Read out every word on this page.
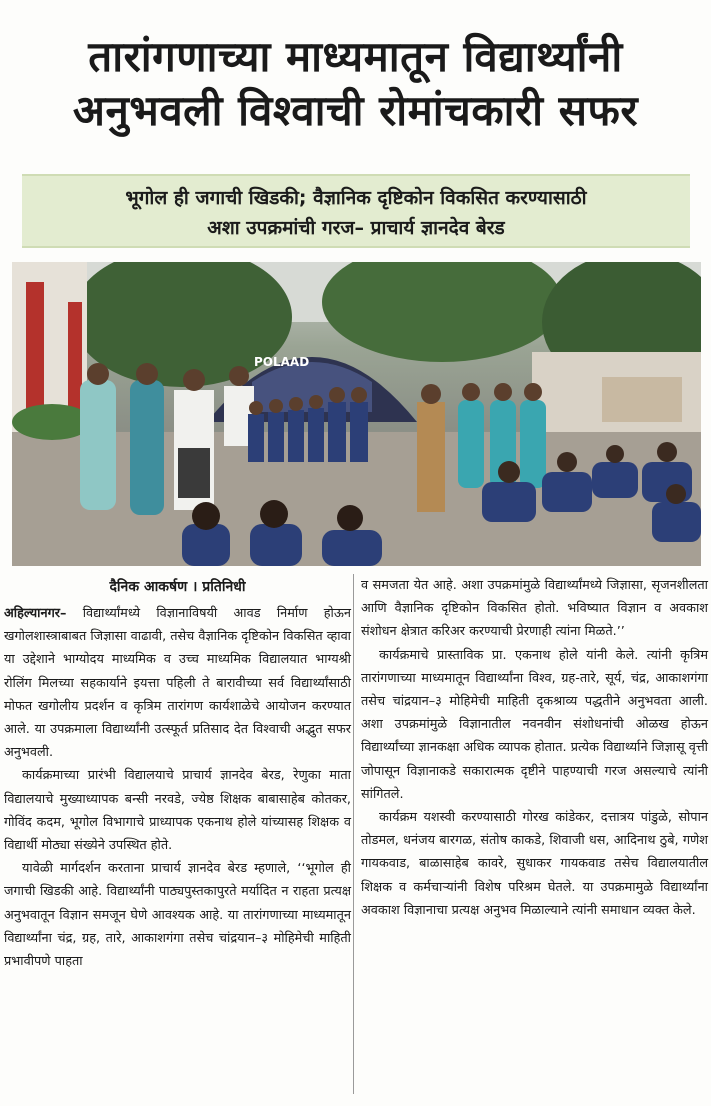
तारांगणाच्या माध्यमातून विद्यार्थ्यांनी
अनुभवली विश्वाची रोमांचकारी सफर
भूगोल ही जगाची खिडकी; वैज्ञानिक दृष्टिकोन विकसित करण्यासाठी
अशा उपक्रमांची गरज– प्राचार्य ज्ञानदेव बेरड
POLAAD
दैनिक आकर्षण । प्रतिनिधी

अहिल्यानगर– विद्यार्थ्यांमध्ये विज्ञानाविषयी आवड निर्माण होऊन खगोलशास्त्राबाबत जिज्ञासा वाढावी, तसेच वैज्ञानिक दृष्टिकोन विकसित व्हावा या उद्देशाने भाग्योदय माध्यमिक व उच्च माध्यमिक विद्यालयात भाग्यश्री रोलिंग मिलच्या सहकार्याने इयत्ता पहिली ते बारावीच्या सर्व विद्यार्थ्यांसाठी मोफत खगोलीय प्रदर्शन व कृत्रिम तारांगण कार्यशाळेचे आयोजन करण्यात आले. या उपक्रमाला विद्यार्थ्यांनी उत्स्फूर्त प्रतिसाद देत विश्वाची अद्भुत सफर अनुभवली.

कार्यक्रमाच्या प्रारंभी विद्यालयाचे प्राचार्य ज्ञानदेव बेरड, रेणुका माता विद्यालयाचे मुख्याध्यापक बन्सी नरवडे, ज्येष्ठ शिक्षक बाबासाहेब कोतकर, गोविंद कदम, भूगोल विभागाचे प्राध्यापक एकनाथ होले यांच्यासह शिक्षक व विद्यार्थी मोठ्या संख्येने उपस्थित होते.

यावेळी मार्गदर्शन करताना प्राचार्य ज्ञानदेव बेरड म्हणाले, ‘‘भूगोल ही जगाची खिडकी आहे. विद्यार्थ्यांनी पाठ्यपुस्तकापुरते मर्यादित न राहता प्रत्यक्ष अनुभवातून विज्ञान समजून घेणे आवश्यक आहे. या तारांगणाच्या माध्यमातून विद्यार्थ्यांना चंद्र, ग्रह, तारे, आकाशगंगा तसेच चांद्रयान–३ मोहिमेची माहिती प्रभावीपणे पाहता

व समजता येत आहे. अशा उपक्रमांमुळे विद्यार्थ्यांमध्ये जिज्ञासा, सृजनशीलता आणि वैज्ञानिक दृष्टिकोन विकसित होतो. भविष्यात विज्ञान व अवकाश संशोधन क्षेत्रात करिअर करण्याची प्रेरणाही त्यांना मिळते.’’

कार्यक्रमाचे प्रास्ताविक प्रा. एकनाथ होले यांनी केले. त्यांनी कृत्रिम तारांगणाच्या माध्यमातून विद्यार्थ्यांना विश्व, ग्रह-तारे, सूर्य, चंद्र, आकाशगंगा तसेच चांद्रयान–३ मोहिमेची माहिती दृकश्राव्य पद्धतीने अनुभवता आली. अशा उपक्रमांमुळे विज्ञानातील नवनवीन संशोधनांची ओळख होऊन विद्यार्थ्यांच्या ज्ञानकक्षा अधिक व्यापक होतात. प्रत्येक विद्यार्थ्याने जिज्ञासू वृत्ती जोपासून विज्ञानाकडे सकारात्मक दृष्टीने पाहण्याची गरज असल्याचे त्यांनी सांगितले.

कार्यक्रम यशस्वी करण्यासाठी गोरख कांडेकर, दत्तात्रय पांडुळे, सोपान तोडमल, धनंजय बारगळ, संतोष काकडे, शिवाजी धस, आदिनाथ ठुबे, गणेश गायकवाड, बाळासाहेब कावरे, सुधाकर गायकवाड तसेच विद्यालयातील शिक्षक व कर्मचाऱ्यांनी विशेष परिश्रम घेतले. या उपक्रमामुळे विद्यार्थ्यांना अवकाश विज्ञानाचा प्रत्यक्ष अनुभव मिळाल्याने त्यांनी समाधान व्यक्त केले.
